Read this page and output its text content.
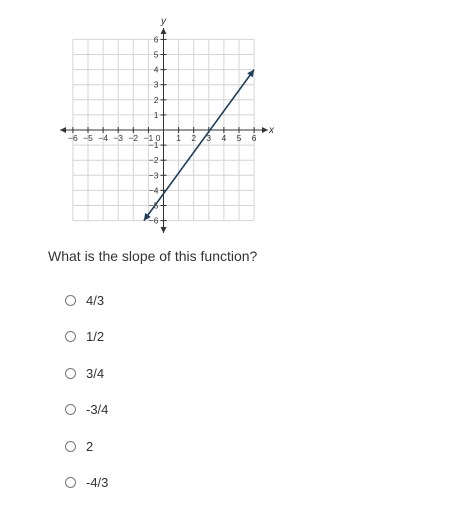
−6 −5 −4 −3 −2 −1	1 2 3 4 5 6
6
5
4
3
2
1
−1
−2
−3
−4
−5
−6
0
x
y
What is the slope of this function?
4/3
1/2
3/4
-3/4
2
-4/3
